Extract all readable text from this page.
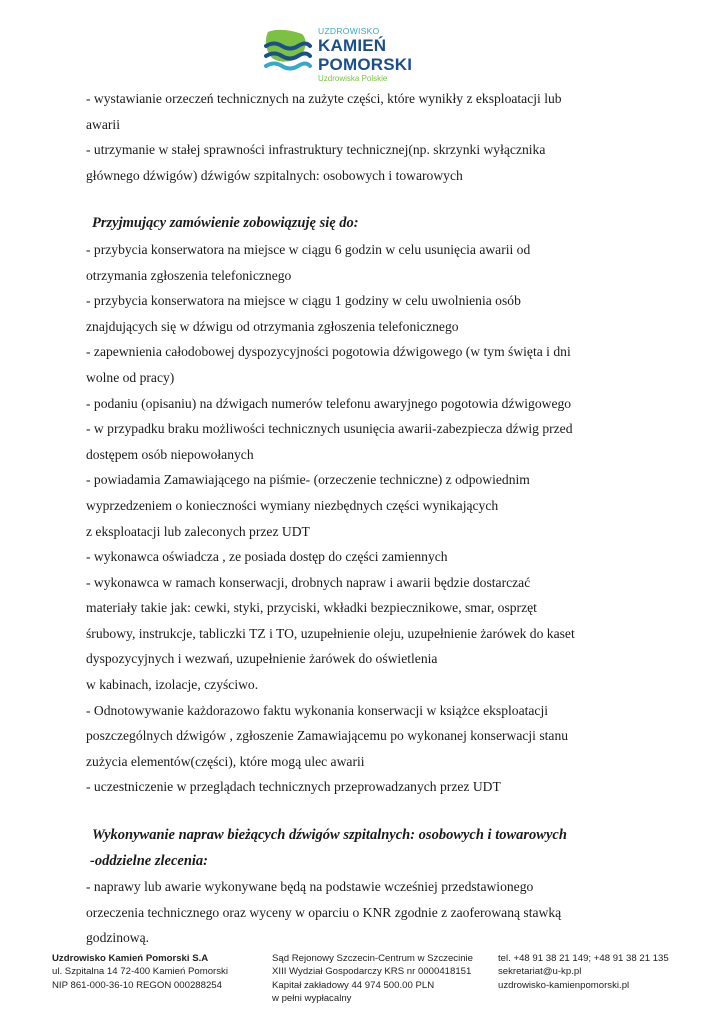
UZDROWISKO
KAMIEŃ POMORSKI
Uzdrowiska Polskie
- wystawianie orzeczeń technicznych na zużyte części, które wynikły z eksploatacji lub
awarii
- utrzymanie w stałej sprawności infrastruktury technicznej(np. skrzynki wyłącznika
głównego dźwigów) dźwigów szpitalnych: osobowych i towarowych
Przyjmujący zamówienie zobowiązuję się do:
- przybycia konserwatora na miejsce w ciągu 6 godzin w celu usunięcia awarii od
otrzymania zgłoszenia telefonicznego
- przybycia konserwatora na miejsce w ciągu 1 godziny w celu uwolnienia osób
znajdujących się w dźwigu od otrzymania zgłoszenia telefonicznego
- zapewnienia całodobowej dyspozycyjności pogotowia dźwigowego (w tym święta i dni
wolne od pracy)
- podaniu (opisaniu) na dźwigach numerów telefonu awaryjnego pogotowia dźwigowego
- w przypadku braku możliwości technicznych usunięcia awarii-zabezpiecza dźwig przed
dostępem osób niepowołanych
- powiadamia Zamawiającego na piśmie- (orzeczenie techniczne) z odpowiednim
wyprzedzeniem o konieczności wymiany niezbędnych części wynikających
z eksploatacji lub zaleconych przez UDT
- wykonawca oświadcza , ze posiada dostęp do części zamiennych
- wykonawca w ramach konserwacji, drobnych napraw i awarii będzie dostarczać
materiały takie jak: cewki, styki, przyciski, wkładki bezpiecznikowe, smar, osprzęt
śrubowy, instrukcje, tabliczki TZ i TO, uzupełnienie oleju, uzupełnienie żarówek do kaset
dyspozycyjnych i wezwań, uzupełnienie żarówek do oświetlenia
w kabinach, izolacje, czyściwo.
- Odnotowywanie każdorazowo faktu wykonania konserwacji w książce eksploatacji
poszczególnych dźwigów , zgłoszenie Zamawiającemu po wykonanej konserwacji stanu
zużycia elementów(części), które mogą ulec awarii
- uczestniczenie w przeglądach technicznych przeprowadzanych przez UDT
Wykonywanie napraw bieżących dźwigów szpitalnych: osobowych i towarowych
-oddzielne zlecenia:
- naprawy lub awarie wykonywane będą na podstawie wcześniej przedstawionego
orzeczenia technicznego oraz wyceny w oparciu o KNR zgodnie z zaoferowaną stawką
godzinową.
Uzdrowisko Kamień Pomorski S.A
ul. Szpitalna 14 72-400 Kamień Pomorski
NIP 861-000-36-10 REGON 000288254
Sąd Rejonowy Szczecin-Centrum w Szczecinie
XIII Wydział Gospodarczy KRS nr 0000418151
Kapitał zakładowy 44 974 500.00 PLN
w pełni wypłacalny
tel. +48 91 38 21 149; +48 91 38 21 135
sekretariat@u-kp.pl
uzdrowisko-kamienpomorski.pl
